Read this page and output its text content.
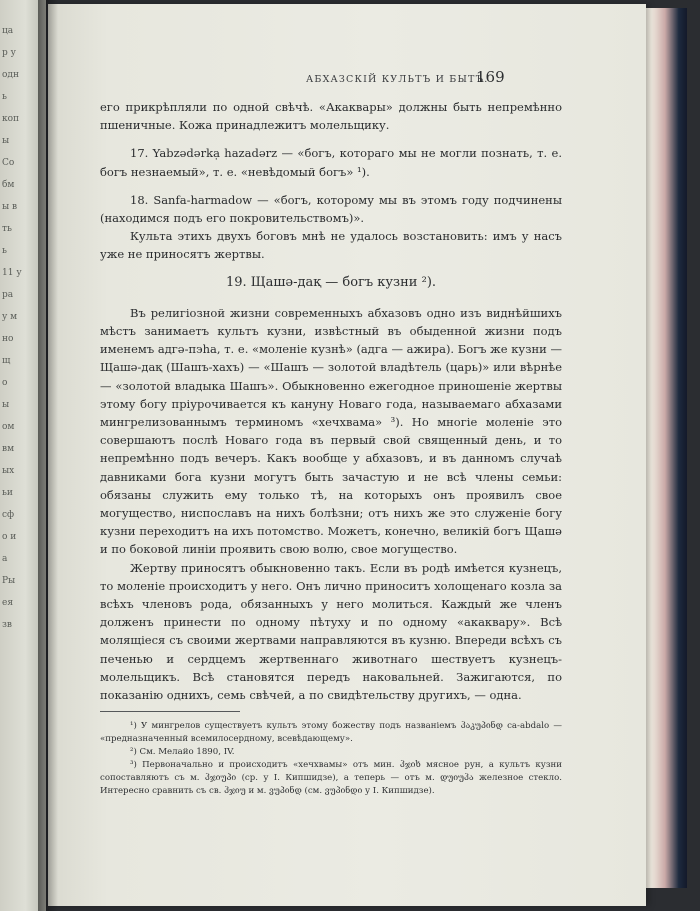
ца
р у
одн
ь
коп
ы
Со
бм
ы в
ть
ь
11 у
ра
у м
но
щ
о
ы
ом
вм
ых
ьи
сф
о и
а
Ры
ея
зв
АБХАЗСКІЙ КУЛЬТЪ И БЫТЪ.
169

его прикрѣпляли по одной свѣчѣ. «Акаквары» должны быть непремѣнно пшеничные. Кожа принадлежитъ молельщику.

17. Yabzədərkạ hazadərz — «богъ, котораго мы не могли познать, т. е. богъ незнаемый», т. е. «невѣдомый богъ» ¹).

18. Sanfa-harmadow — «богъ, которому мы въ этомъ году подчинены (находимся подъ его покровительствомъ)».

Культа этихъ двухъ боговъ мнѣ не удалось возстановить: имъ у насъ уже не приносятъ жертвы.

19. Щашə-дақ — богъ кузни ²).

Въ религіозной жизни современныхъ абхазовъ одно изъ виднѣйшихъ мѣстъ занимаетъ культъ кузни, извѣстный въ обыденной жизни подъ именемъ адгə-пэһа, т. е. «моленіе кузнѣ» (адга — ажира). Богъ же кузни — Щашə-дақ (Шашъ-хахъ) — «Шашъ — золотой владѣтель (царь)» или вѣрнѣе — «золотой владыка Шашъ». Обыкновенно ежегодное приношеніе жертвы этому богу пріурочивается къ кануну Новаго года, называемаго абхазами мингрелизованнымъ терминомъ «хечхвама» ³). Но многіе моленіе это совершаютъ послѣ Новаго года въ первый свой священный день, и то непремѣнно подъ вечеръ. Какъ вообще у абхазовъ, и въ данномъ случаѣ давниками бога кузни могутъ быть зачастую и не всѣ члены семьи: обязаны служить ему только тѣ, на которыхъ онъ проявилъ свое могущество, ниспославъ на нихъ болѣзни; отъ нихъ же это служеніе богу кузни переходитъ на ихъ потомство. Можетъ, конечно, великій богъ Щашə и по боковой линіи проявить свою волю, свое могущество.

Жертву приносятъ обыкновенно такъ. Если въ родѣ имѣется кузнецъ, то моленіе происходитъ у него. Онъ лично приноситъ холощенаго козла за всѣхъ членовъ рода, обязанныхъ у него молиться. Каждый же членъ долженъ принести по одному пѣтуху и по одному «акаквару». Всѣ молящіеся съ своими жертвами направляются въ кузню. Впереди всѣхъ съ печенью и сердцемъ жертвеннаго животнаго шествуетъ кузнецъ-молельщикъ. Всѣ становятся передъ наковальней. Зажигаются, по показанію однихъ, семь свѣчей, а по свидѣтельству другихъ, — одна.

¹) У мингрелов существуетъ культъ этому божеству подъ названіемъ ჰაკუპინდ ca-abdalo — «предназначенный всемилосердному, всевѣдающему».

²) См. Мелайо 1890, IV.

³) Первоначально и происходитъ «хечхвамы» отъ мин. ჰჯიხ мясное рун, а культъ кузни сопоставляютъ съ м. ჰჯიუპი (ср. у І. Кипшидзе), а теперь — отъ м. დუიუჰა железное стекло. Интересно сравнить съ св. ჰჯიუ и м. ვუპინდ (см. ვუპინდი у І. Кипшидзе).
